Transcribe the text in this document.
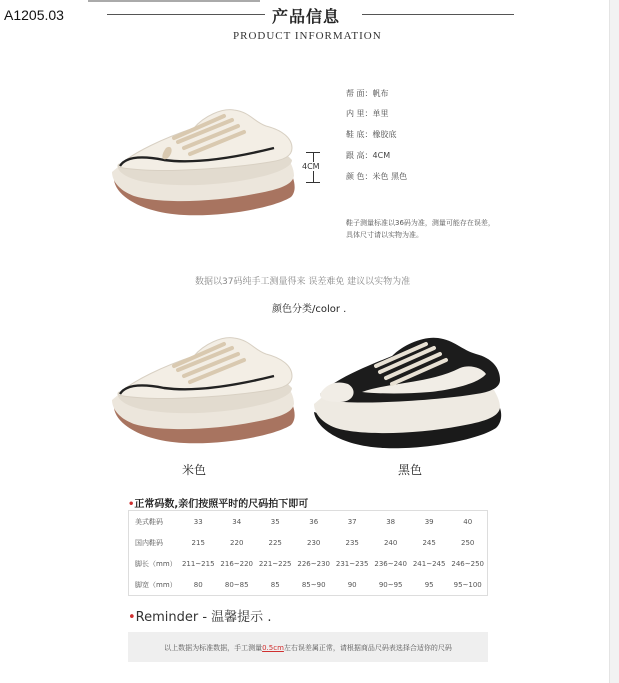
A1205.03	产品信息
PRODUCT INFORMATION
4CM
帮 面：帆布
内 里：单里
鞋 底：橡胶底
跟 高：4CM
颜 色：米色 黑色
鞋子测量标准以36码为准，测量可能存在误差，
具体尺寸请以实物为准。
数据以37码纯手工测量得来 误差难免 建议以实物为准
颜色分类/color .
米色	黑色
•正常码数,亲们按照平时的尺码拍下即可
美式鞋码	33	34	35	36	37	38	39	40
国内鞋码	215	220	225	230	235	240	245	250
脚长（mm）	211~215	216~220	221~225	226~230	231~235	236~240	241~245	246~250
脚宽（mm）	80	80~85	85	85~90	90	90~95	95	95~100
•Reminder - 温馨提示 .
以上数据为标准数据，手工测量0.5cm左右误差属正常，请根据商品尺码表选择合适你的尺码
